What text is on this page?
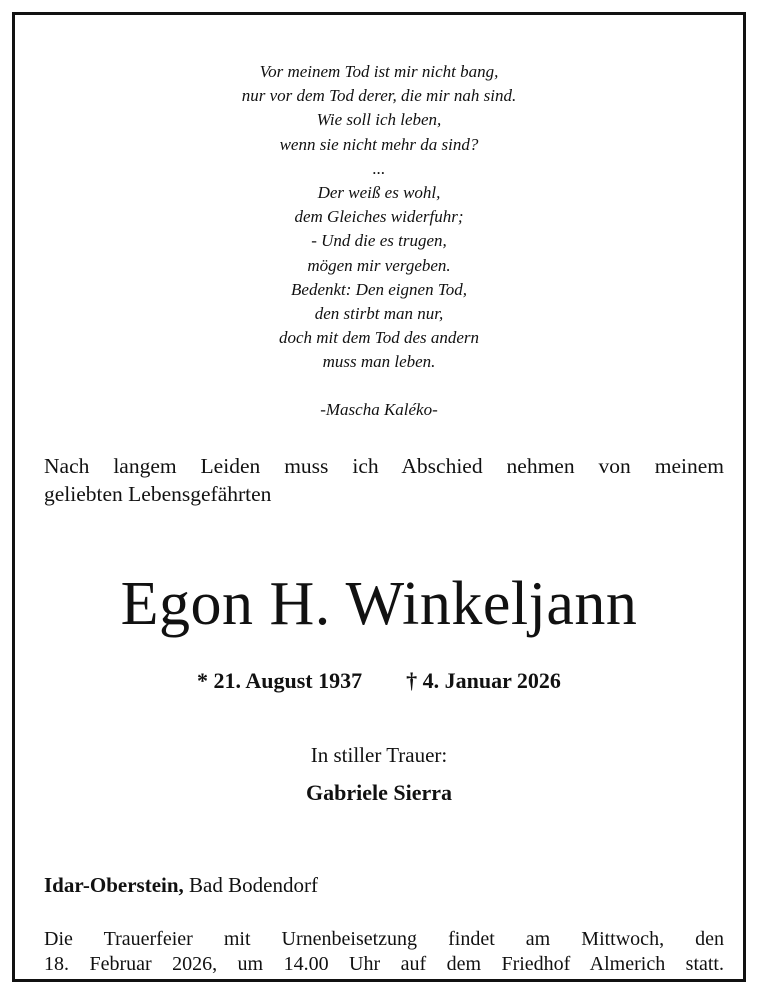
Vor meinem Tod ist mir nicht bang,
nur vor dem Tod derer, die mir nah sind.
Wie soll ich leben,
wenn sie nicht mehr da sind?
...
Der weiß es wohl,
dem Gleiches widerfuhr;
- Und die es trugen,
mögen mir vergeben.
Bedenkt: Den eignen Tod,
den stirbt man nur,
doch mit dem Tod des andern
muss man leben.
-Mascha Kaléko-
Nach langem Leiden muss ich Abschied nehmen von meinem
geliebten Lebensgefährten
Egon H. Winkeljann
* 21. August 1937 † 4. Januar 2026
In stiller Trauer:
Gabriele Sierra
Idar-Oberstein, Bad Bodendorf
Die Trauerfeier mit Urnenbeisetzung findet am Mittwoch, den
18. Februar 2026, um 14.00 Uhr auf dem Friedhof Almerich statt.
